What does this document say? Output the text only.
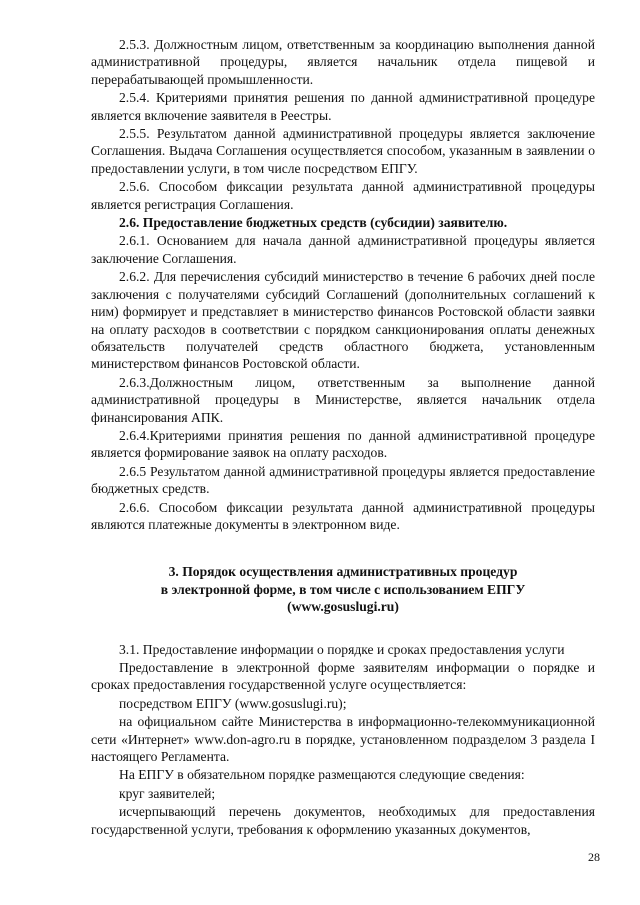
2.5.3. Должностным лицом, ответственным за координацию выполнения данной административной процедуры, является начальник отдела пищевой и перерабатывающей промышленности.

2.5.4. Критериями принятия решения по данной административной процедуре является включение заявителя в Реестры.

2.5.5. Результатом данной административной процедуры является заключение Соглашения. Выдача Соглашения осуществляется способом, указанным в заявлении о предоставлении услуги, в том числе посредством ЕПГУ.

2.5.6. Способом фиксации результата данной административной процедуры является регистрация Соглашения.

2.6. Предоставление бюджетных средств (субсидии) заявителю.

2.6.1. Основанием для начала данной административной процедуры является заключение Соглашения.

2.6.2. Для перечисления субсидий министерство в течение 6 рабочих дней после заключения с получателями субсидий Соглашений (дополнительных соглашений к ним) формирует и представляет в министерство финансов Ростовской области заявки на оплату расходов в соответствии с порядком санкционирования оплаты денежных обязательств получателей средств областного бюджета, установленным министерством финансов Ростовской области.

2.6.3.Должностным лицом, ответственным за выполнение данной административной процедуры в Министерстве, является начальник отдела финансирования АПК.

2.6.4.Критериями принятия решения по данной административной процедуре является формирование заявок на оплату расходов.

2.6.5 Результатом данной административной процедуры является предоставление бюджетных средств.

2.6.6. Способом фиксации результата данной административной процедуры являются платежные документы в электронном виде.

3. Порядок осуществления административных процедур
в электронной форме, в том числе с использованием ЕПГУ
(www.gosuslugi.ru)

3.1. Предоставление информации о порядке и сроках предоставления услуги

Предоставление в электронной форме заявителям информации о порядке и сроках предоставления государственной услуге осуществляется:

посредством ЕПГУ (www.gosuslugi.ru);

на официальном сайте Министерства в информационно-телекоммуникационной сети «Интернет» www.don-agro.ru в порядке, установленном подразделом 3 раздела I настоящего Регламента.

На ЕПГУ в обязательном порядке размещаются следующие сведения:

круг заявителей;

исчерпывающий перечень документов, необходимых для предоставления государственной услуги, требования к оформлению указанных документов,

28
